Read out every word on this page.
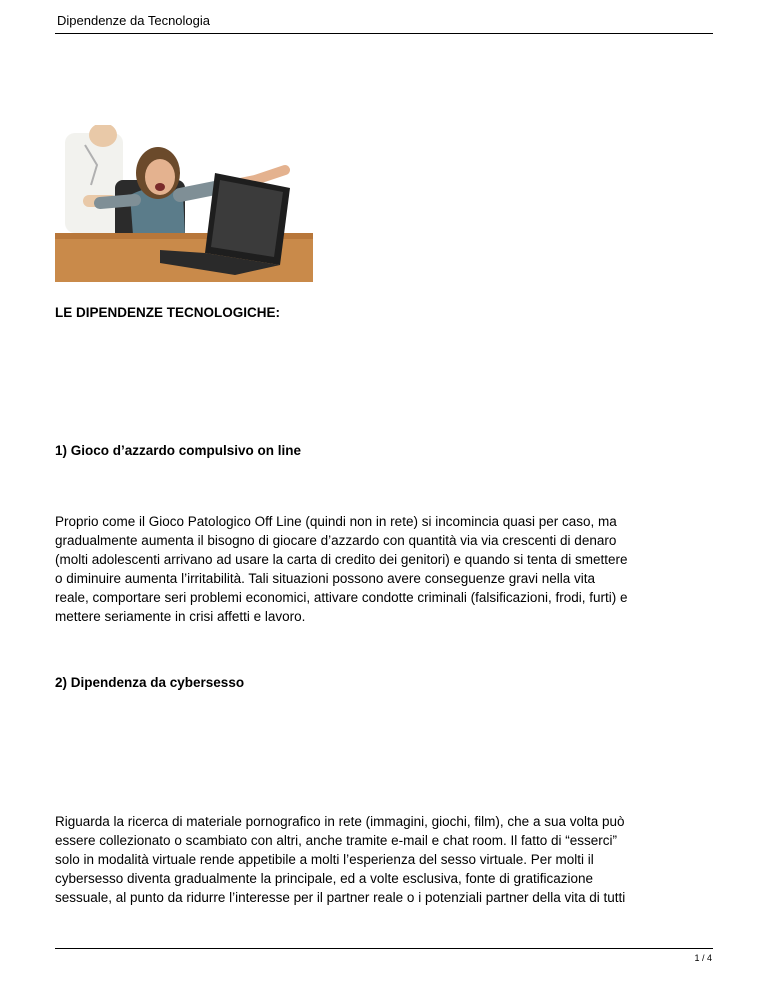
Dipendenze da Tecnologia
LE DIPENDENZE TECNOLOGICHE:
1) Gioco d’azzardo compulsivo on line
Proprio come il Gioco Patologico Off Line (quindi non in rete) si incomincia quasi per caso, ma
gradualmente aumenta il bisogno di giocare d’azzardo con quantità via via crescenti di denaro
(molti adolescenti arrivano ad usare la carta di credito dei genitori) e quando si tenta di smettere
o diminuire aumenta l’irritabilità. Tali situazioni possono avere conseguenze gravi nella vita
reale, comportare seri problemi economici, attivare condotte criminali (falsificazioni, frodi, furti) e
mettere seriamente in crisi affetti e lavoro.
2) Dipendenza da cybersesso
Riguarda la ricerca di materiale pornografico in rete (immagini, giochi, film), che a sua volta può
essere collezionato o scambiato con altri, anche tramite e-mail e chat room. Il fatto di “esserci”
solo in modalità virtuale rende appetibile a molti l’esperienza del sesso virtuale. Per molti il
cybersesso diventa gradualmente la principale, ed a volte esclusiva, fonte di gratificazione
sessuale, al punto da ridurre l’interesse per il partner reale o i potenziali partner della vita di tutti
1 / 4
